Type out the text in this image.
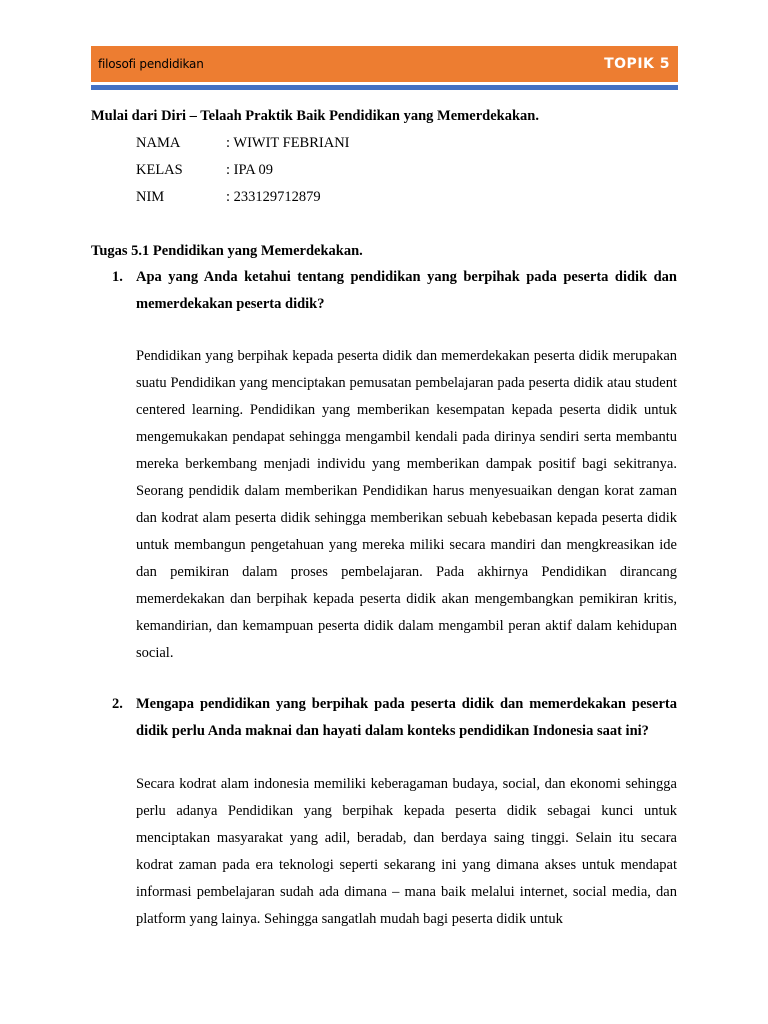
filosofi pendidikan	TOPIK 5
Mulai dari Diri – Telaah Praktik Baik Pendidikan yang Memerdekakan.
NAMA	: WIWIT FEBRIANI
KELAS	: IPA 09
NIM	: 233129712879
Tugas 5.1 Pendidikan yang Memerdekakan.
1. Apa yang Anda ketahui tentang pendidikan yang berpihak pada peserta didik dan memerdekakan peserta didik?
Pendidikan yang berpihak kepada peserta didik dan memerdekakan peserta didik merupakan suatu Pendidikan yang menciptakan pemusatan pembelajaran pada peserta didik atau student centered learning. Pendidikan yang memberikan kesempatan kepada peserta didik untuk mengemukakan pendapat sehingga mengambil kendali pada dirinya sendiri serta membantu mereka berkembang menjadi individu yang memberikan dampak positif bagi sekitranya. Seorang pendidik dalam memberikan Pendidikan harus menyesuaikan dengan korat zaman dan kodrat alam peserta didik sehingga memberikan sebuah kebebasan kepada peserta didik untuk membangun pengetahuan yang mereka miliki secara mandiri dan mengkreasikan ide dan pemikiran dalam proses pembelajaran. Pada akhirnya Pendidikan dirancang memerdekakan dan berpihak kepada peserta didik akan mengembangkan pemikiran kritis, kemandirian, dan kemampuan peserta didik dalam mengambil peran aktif dalam kehidupan social.
2. Mengapa pendidikan yang berpihak pada peserta didik dan memerdekakan peserta didik perlu Anda maknai dan hayati dalam konteks pendidikan Indonesia saat ini?
Secara kodrat alam indonesia memiliki keberagaman budaya, social, dan ekonomi sehingga perlu adanya Pendidikan yang berpihak kepada peserta didik sebagai kunci untuk menciptakan masyarakat yang adil, beradab, dan berdaya saing tinggi. Selain itu secara kodrat zaman pada era teknologi seperti sekarang ini yang dimana akses untuk mendapat informasi pembelajaran sudah ada dimana – mana baik melalui internet, social media, dan platform yang lainya. Sehingga sangatlah mudah bagi peserta didik untuk
